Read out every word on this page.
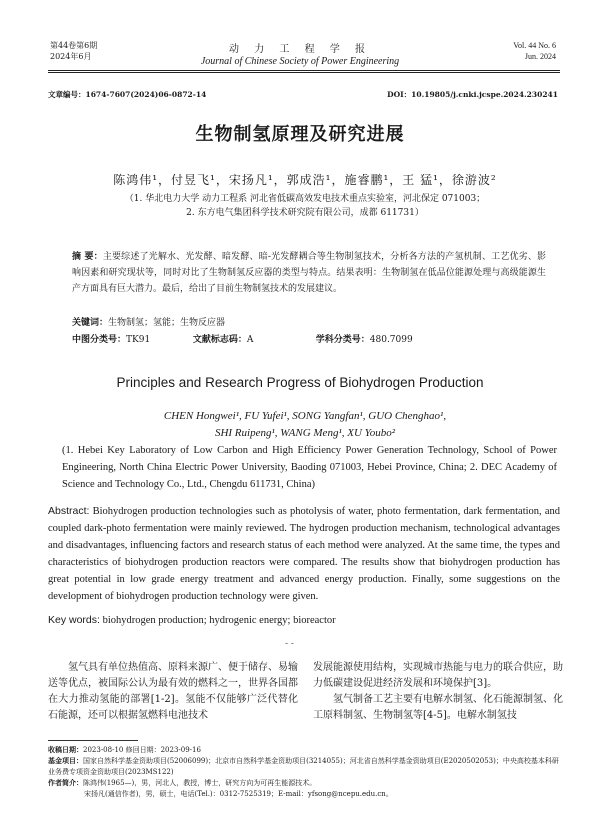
第44卷第6期
2024年6月
动 力 工 程 学 报
Journal of Chinese Society of Power Engineering
Vol. 44 No. 6
Jun. 2024
文章编号：1674-7607(2024)06-0872-14	DOI：10.19805/j.cnki.jcspe.2024.230241
生物制氢原理及研究进展
陈鸿伟¹，付昱飞¹，宋扬凡¹，郭成浩¹，施睿鹏¹，王 猛¹，徐游波²
（1. 华北电力大学 动力工程系 河北省低碳高效发电技术重点实验室，河北保定 071003；
2. 东方电气集团科学技术研究院有限公司，成都 611731）
摘 要：主要综述了光解水、光发酵、暗发酵、暗-光发酵耦合等生物制氢技术，分析各方法的产氢机制、工艺优劣、影响因素和研究现状等，同时对比了生物制氢反应器的类型与特点。结果表明：生物制氢在低品位能源处理与高级能源生产方面具有巨大潜力。最后，给出了目前生物制氢技术的发展建议。
关键词：生物制氢；氢能；生物反应器
中图分类号：TK91	文献标志码：A	学科分类号：480.7099
Principles and Research Progress of Biohydrogen Production
CHEN Hongwei¹, FU Yufei¹, SONG Yangfan¹, GUO Chenghao¹,
SHI Ruipeng¹, WANG Meng¹, XU Youbo²
(1. Hebei Key Laboratory of Low Carbon and High Efficiency Power Generation Technology, School of Power Engineering, North China Electric Power University, Baoding 071003, Hebei Province, China; 2. DEC Academy of Science and Technology Co., Ltd., Chengdu 611731, China)
Abstract: Biohydrogen production technologies such as photolysis of water, photo fermentation, dark fermentation, and coupled dark-photo fermentation were mainly reviewed. The hydrogen production mechanism, technological advantages and disadvantages, influencing factors and research status of each method were analyzed. At the same time, the types and characteristics of biohydrogen production reactors were compared. The results show that biohydrogen production has great potential in low grade energy treatment and advanced energy production. Finally, some suggestions on the development of biohydrogen production technology were given.
Key words: biohydrogen production; hydrogenic energy; bioreactor
- -
氢气具有单位热值高、原料来源广、便于储存、易输送等优点，被国际公认为最有效的燃料之一，世界各国都在大力推动氢能的部署[1-2]。氢能不仅能够广泛代替化石能源，还可以根据氢燃料电池技术
发展能源使用结构，实现城市热能与电力的联合供应，助力低碳建设促进经济发展和环境保护[3]。
氢气制备工艺主要有电解水制氢、化石能源制氢、化工原料制氢、生物制氢等[4-5]。电解水制氢技

收稿日期：2023-08-10 修回日期：2023-09-16

基金项目：国家自然科学基金资助项目(52006099)；北京市自然科学基金资助项目(3214055)；河北省自然科学基金资助项目(E2020502053)；中央高校基本科研业务费专项资金资助项目(2023MS122)

作者简介：陈鸿伟(1965—)，男，河北人，教授，博士，研究方向为可再生能源技术。

宋扬凡(通信作者)，男，硕士，电话(Tel.)：0312-7525319；E-mail：yfsong@ncepu.edu.cn。
